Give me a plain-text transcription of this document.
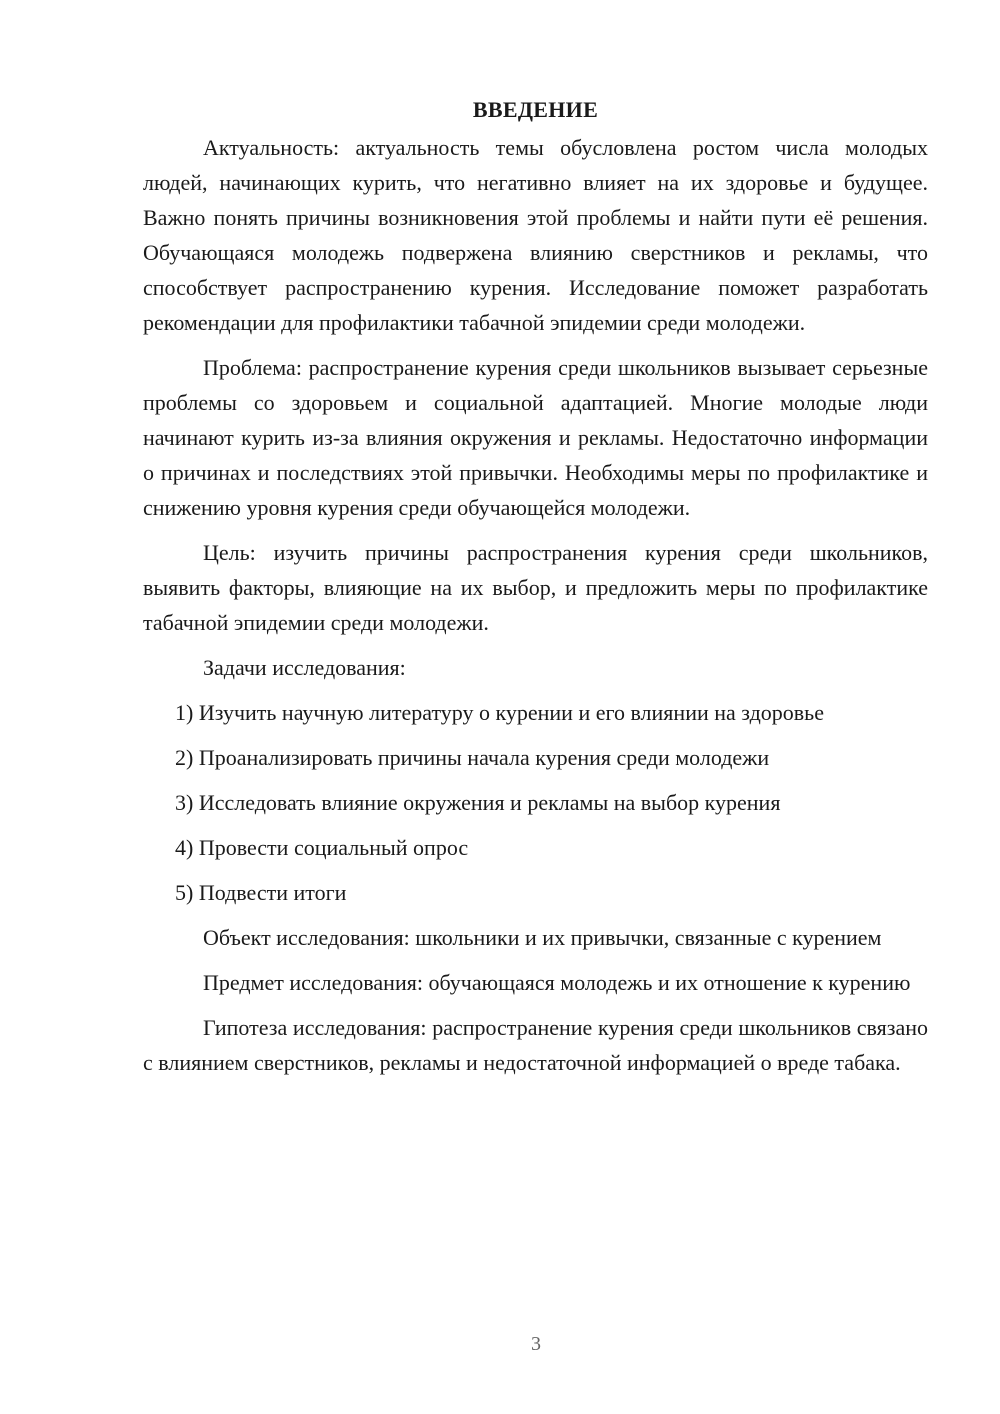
ВВЕДЕНИЕ

Актуальность: актуальность темы обусловлена ростом числа молодых людей, начинающих курить, что негативно влияет на их здоровье и будущее. Важно понять причины возникновения этой проблемы и найти пути её решения. Обучающаяся молодежь подвержена влиянию сверстников и рекламы, что способствует распространению курения. Исследование поможет разработать рекомендации для профилактики табачной эпидемии среди молодежи.

Проблема: распространение курения среди школьников вызывает серьезные проблемы со здоровьем и социальной адаптацией. Многие молодые люди начинают курить из-за влияния окружения и рекламы. Недостаточно информации о причинах и последствиях этой привычки. Необходимы меры по профилактике и снижению уровня курения среди обучающейся молодежи.

Цель: изучить причины распространения курения среди школьников, выявить факторы, влияющие на их выбор, и предложить меры по профилактике табачной эпидемии среди молодежи.

Задачи исследования:

1) Изучить научную литературу о курении и его влиянии на здоровье
2) Проанализировать причины начала курения среди молодежи
3) Исследовать влияние окружения и рекламы на выбор курения
4) Провести социальный опрос
5) Подвести итоги

Объект исследования: школьники и их привычки, связанные с курением

Предмет исследования: обучающаяся молодежь и их отношение к курению

Гипотеза исследования: распространение курения среди школьников связано с влиянием сверстников, рекламы и недостаточной информацией о вреде табака.

3
